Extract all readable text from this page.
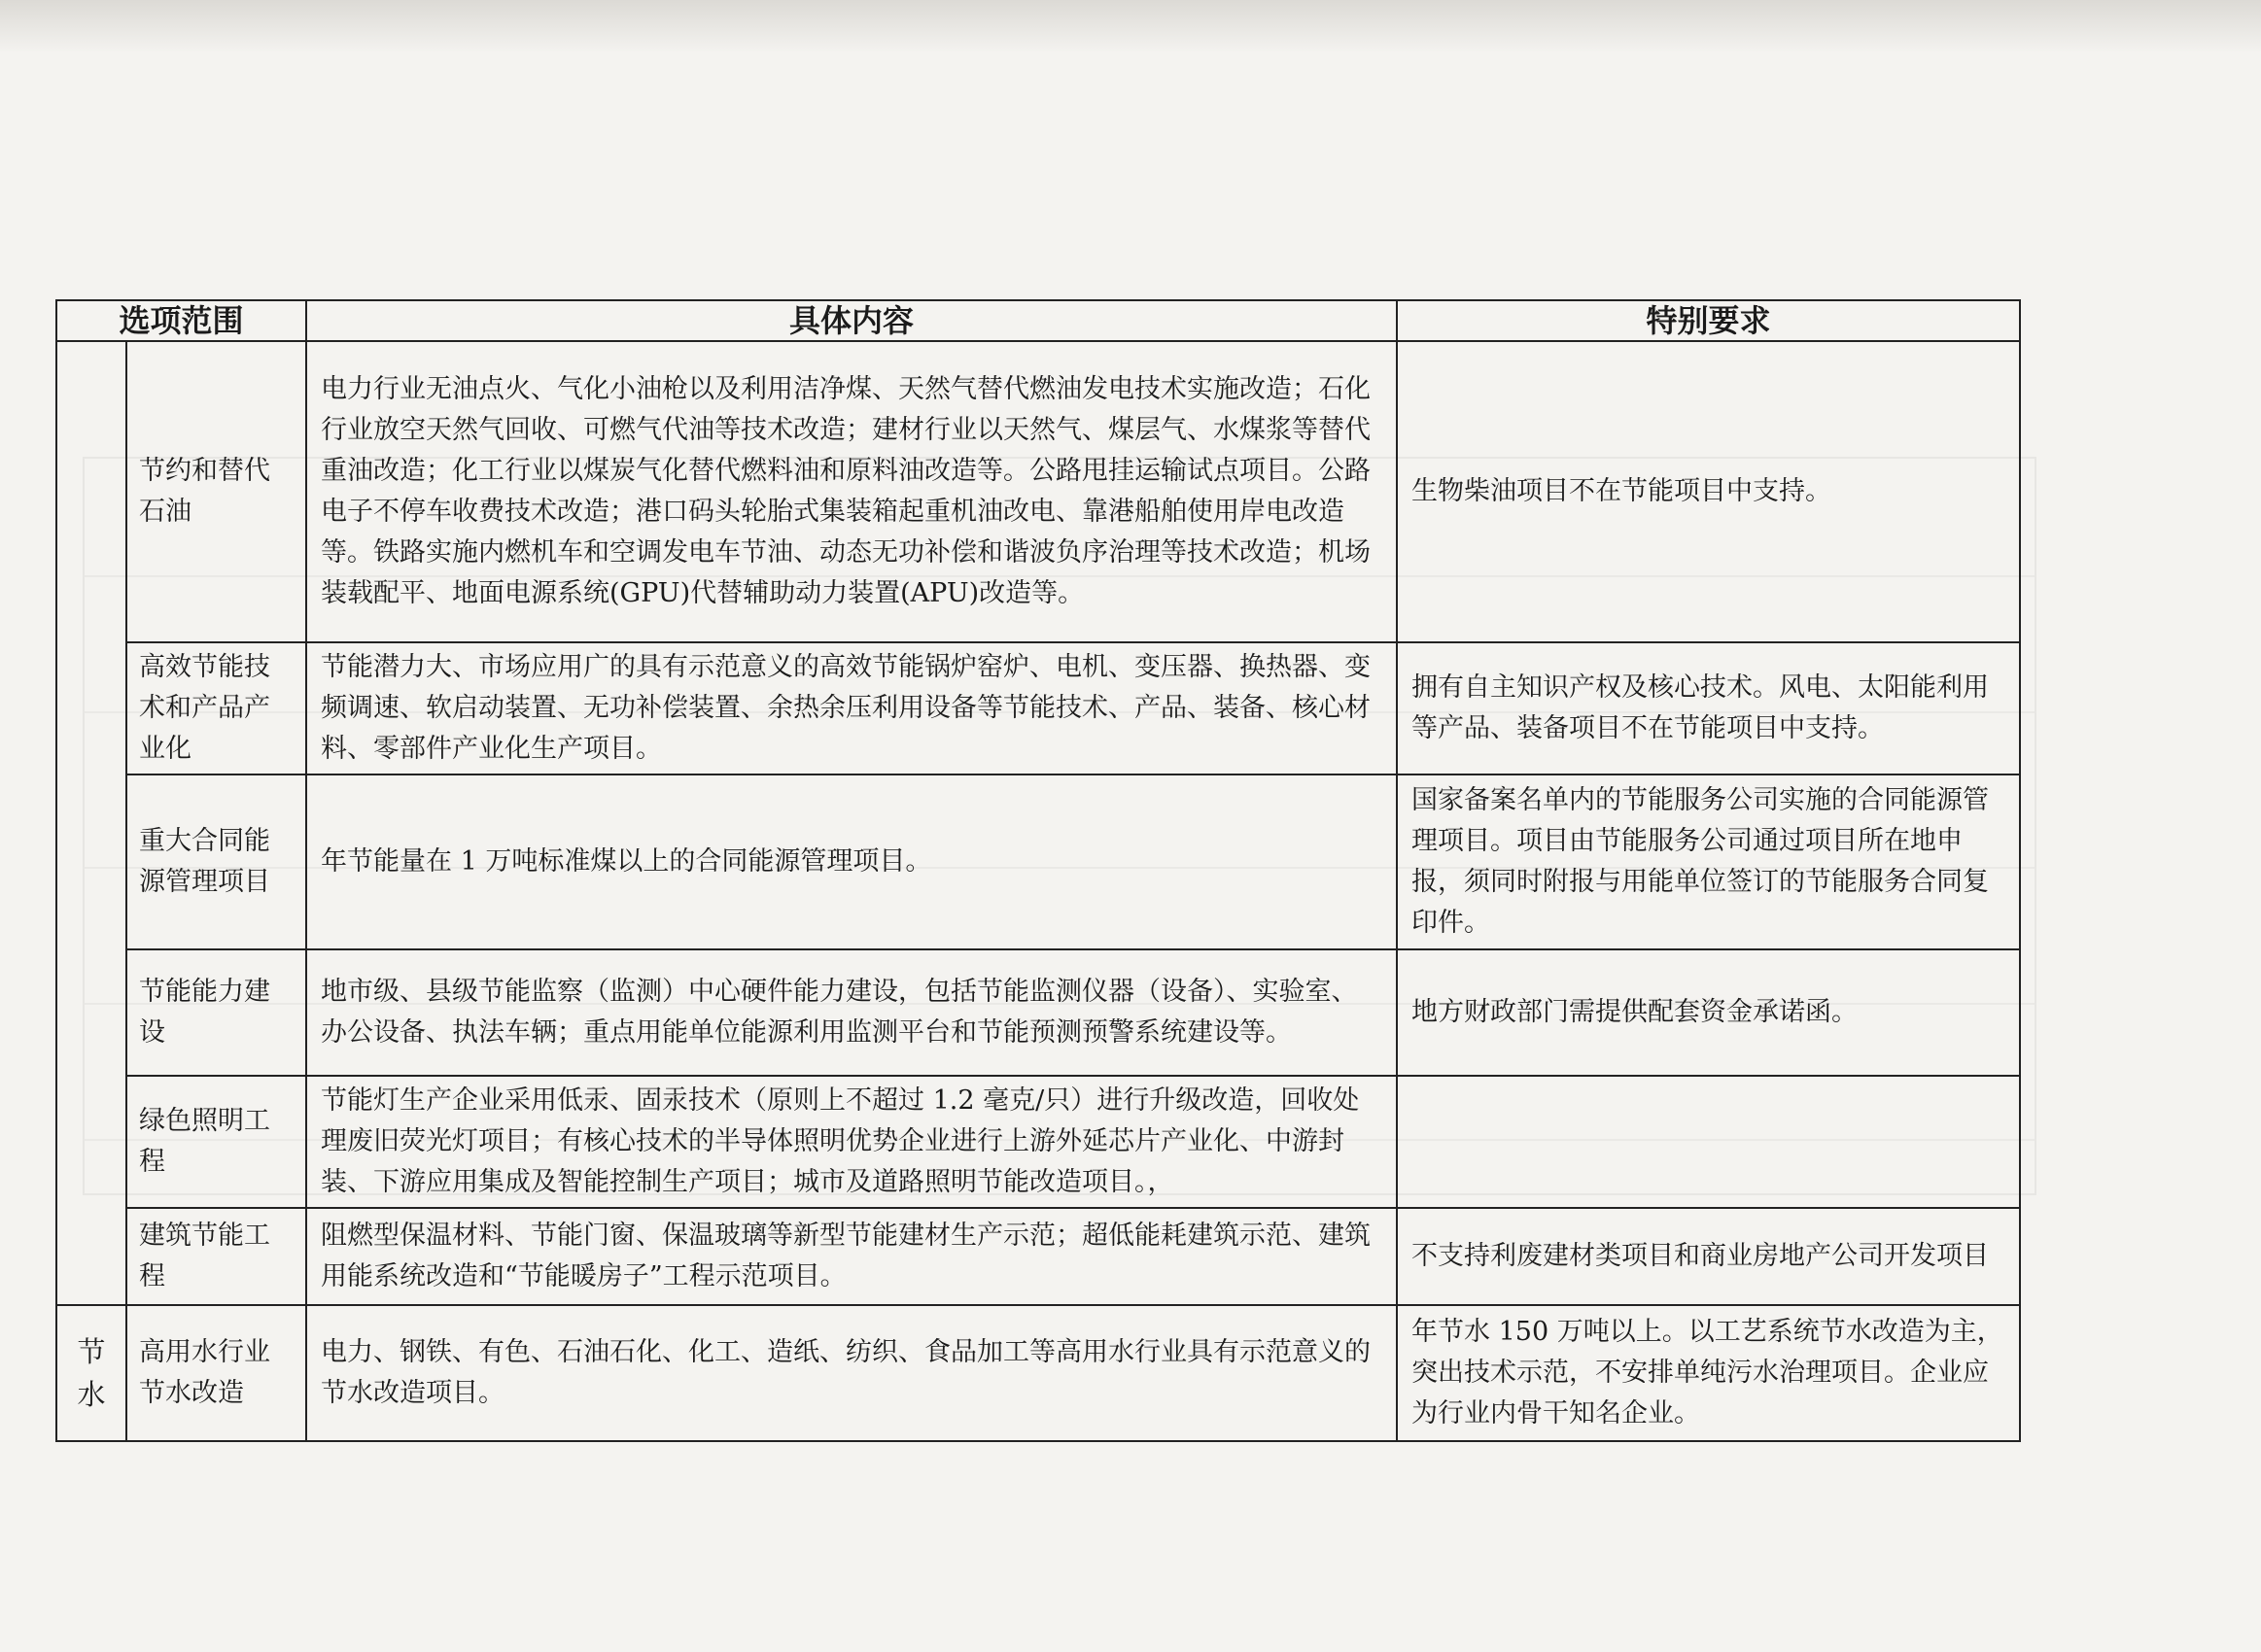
选项范围		具体内容	特别要求
	节约和替代石油	电力行业无油点火、气化小油枪以及利用洁净煤、天然气替代燃油发电技术实施改造；石化行业放空天然气回收、可燃气代油等技术改造；建材行业以天然气、煤层气、水煤浆等替代重油改造；化工行业以煤炭气化替代燃料油和原料油改造等。公路甩挂运输试点项目。公路电子不停车收费技术改造；港口码头轮胎式集装箱起重机油改电、靠港船舶使用岸电改造等。铁路实施内燃机车和空调发电车节油、动态无功补偿和谐波负序治理等技术改造；机场装载配平、地面电源系统(GPU)代替辅助动力装置(APU)改造等。	生物柴油项目不在节能项目中支持。
	高效节能技术和产品产业化	节能潜力大、市场应用广的具有示范意义的高效节能锅炉窑炉、电机、变压器、换热器、变频调速、软启动装置、无功补偿装置、余热余压利用设备等节能技术、产品、装备、核心材料、零部件产业化生产项目。	拥有自主知识产权及核心技术。风电、太阳能利用等产品、装备项目不在节能项目中支持。
	重大合同能源管理项目	年节能量在 1 万吨标准煤以上的合同能源管理项目。	国家备案名单内的节能服务公司实施的合同能源管理项目。项目由节能服务公司通过项目所在地申报，须同时附报与用能单位签订的节能服务合同复印件。
	节能能力建设	地市级、县级节能监察（监测）中心硬件能力建设，包括节能监测仪器（设备）、实验室、办公设备、执法车辆；重点用能单位能源利用监测平台和节能预测预警系统建设等。	地方财政部门需提供配套资金承诺函。
	绿色照明工程	节能灯生产企业采用低汞、固汞技术（原则上不超过 1.2 毫克/只）进行升级改造，回收处理废旧荧光灯项目；有核心技术的半导体照明优势企业进行上游外延芯片产业化、中游封装、下游应用集成及智能控制生产项目；城市及道路照明节能改造项目。，	
	建筑节能工程	阻燃型保温材料、节能门窗、保温玻璃等新型节能建材生产示范；超低能耗建筑示范、建筑用能系统改造和“节能暖房子”工程示范项目。	不支持利废建材类项目和商业房地产公司开发项目
节水	高用水行业节水改造	电力、钢铁、有色、石油石化、化工、造纸、纺织、食品加工等高用水行业具有示范意义的节水改造项目。	年节水 150 万吨以上。以工艺系统节水改造为主，突出技术示范，不安排单纯污水治理项目。企业应为行业内骨干知名企业。
